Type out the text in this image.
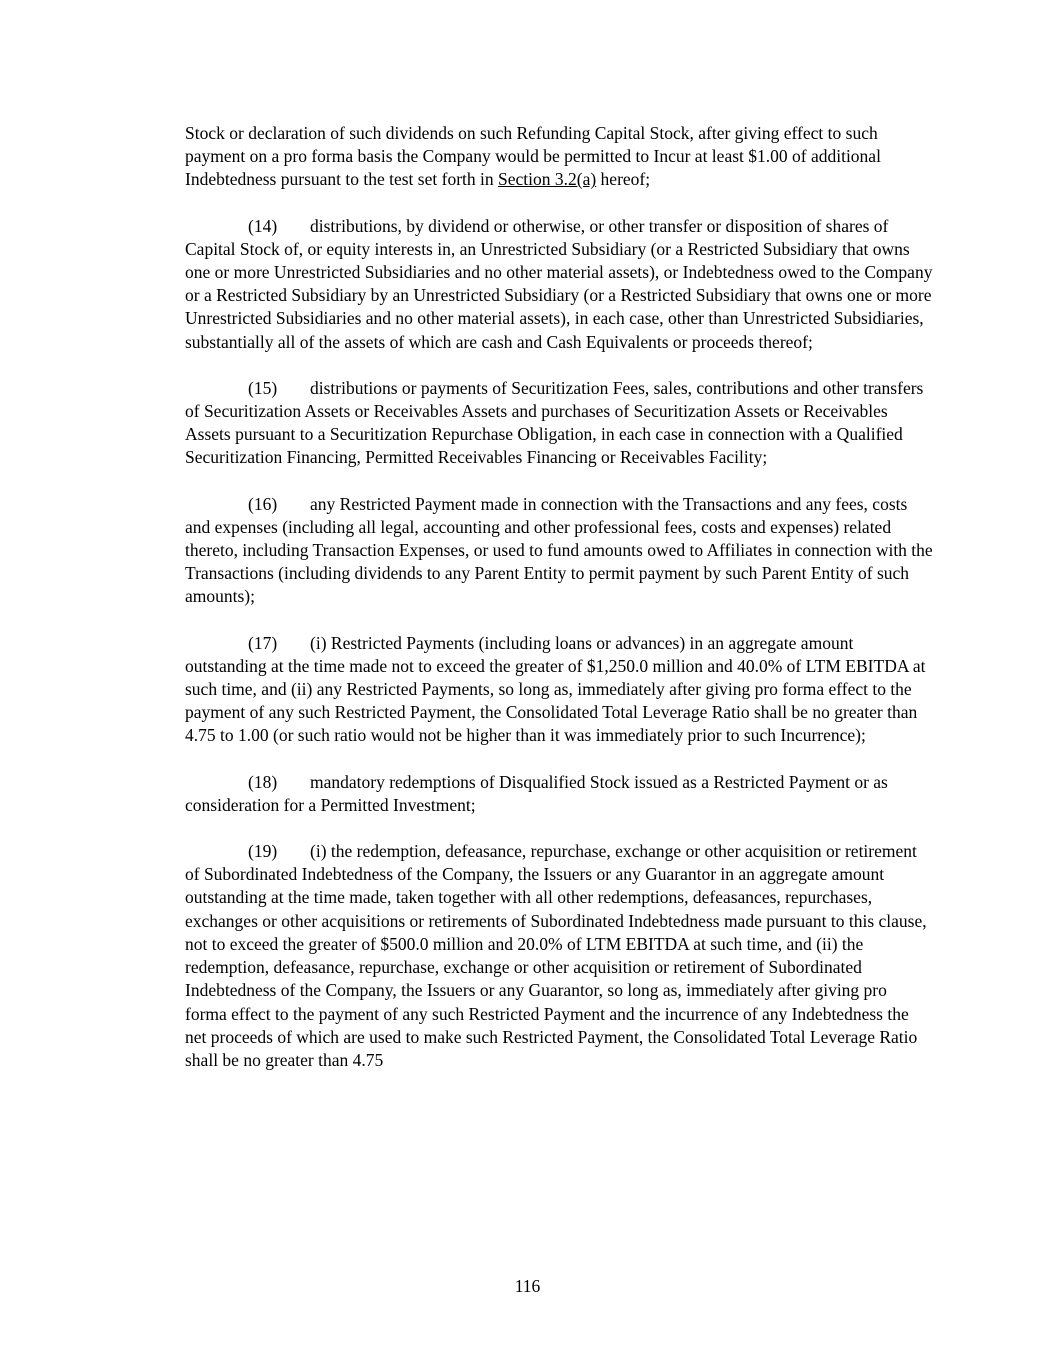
Stock or declaration of such dividends on such Refunding Capital Stock, after giving effect to such payment on a pro forma basis the Company would be permitted to Incur at least $1.00 of additional Indebtedness pursuant to the test set forth in Section 3.2(a) hereof;

(14) distributions, by dividend or otherwise, or other transfer or disposition of shares of Capital Stock of, or equity interests in, an Unrestricted Subsidiary (or a Restricted Subsidiary that owns one or more Unrestricted Subsidiaries and no other material assets), or Indebtedness owed to the Company or a Restricted Subsidiary by an Unrestricted Subsidiary (or a Restricted Subsidiary that owns one or more Unrestricted Subsidiaries and no other material assets), in each case, other than Unrestricted Subsidiaries, substantially all of the assets of which are cash and Cash Equivalents or proceeds thereof;

(15) distributions or payments of Securitization Fees, sales, contributions and other transfers of Securitization Assets or Receivables Assets and purchases of Securitization Assets or Receivables Assets pursuant to a Securitization Repurchase Obligation, in each case in connection with a Qualified Securitization Financing, Permitted Receivables Financing or Receivables Facility;

(16) any Restricted Payment made in connection with the Transactions and any fees, costs and expenses (including all legal, accounting and other professional fees, costs and expenses) related thereto, including Transaction Expenses, or used to fund amounts owed to Affiliates in connection with the Transactions (including dividends to any Parent Entity to permit payment by such Parent Entity of such amounts);

(17) (i) Restricted Payments (including loans or advances) in an aggregate amount outstanding at the time made not to exceed the greater of $1,250.0 million and 40.0% of LTM EBITDA at such time, and (ii) any Restricted Payments, so long as, immediately after giving pro forma effect to the payment of any such Restricted Payment, the Consolidated Total Leverage Ratio shall be no greater than 4.75 to 1.00 (or such ratio would not be higher than it was immediately prior to such Incurrence);

(18) mandatory redemptions of Disqualified Stock issued as a Restricted Payment or as consideration for a Permitted Investment;

(19) (i) the redemption, defeasance, repurchase, exchange or other acquisition or retirement of Subordinated Indebtedness of the Company, the Issuers or any Guarantor in an aggregate amount outstanding at the time made, taken together with all other redemptions, defeasances, repurchases, exchanges or other acquisitions or retirements of Subordinated Indebtedness made pursuant to this clause, not to exceed the greater of $500.0 million and 20.0% of LTM EBITDA at such time, and (ii) the redemption, defeasance, repurchase, exchange or other acquisition or retirement of Subordinated Indebtedness of the Company, the Issuers or any Guarantor, so long as, immediately after giving pro forma effect to the payment of any such Restricted Payment and the incurrence of any Indebtedness the net proceeds of which are used to make such Restricted Payment, the Consolidated Total Leverage Ratio shall be no greater than 4.75

116
